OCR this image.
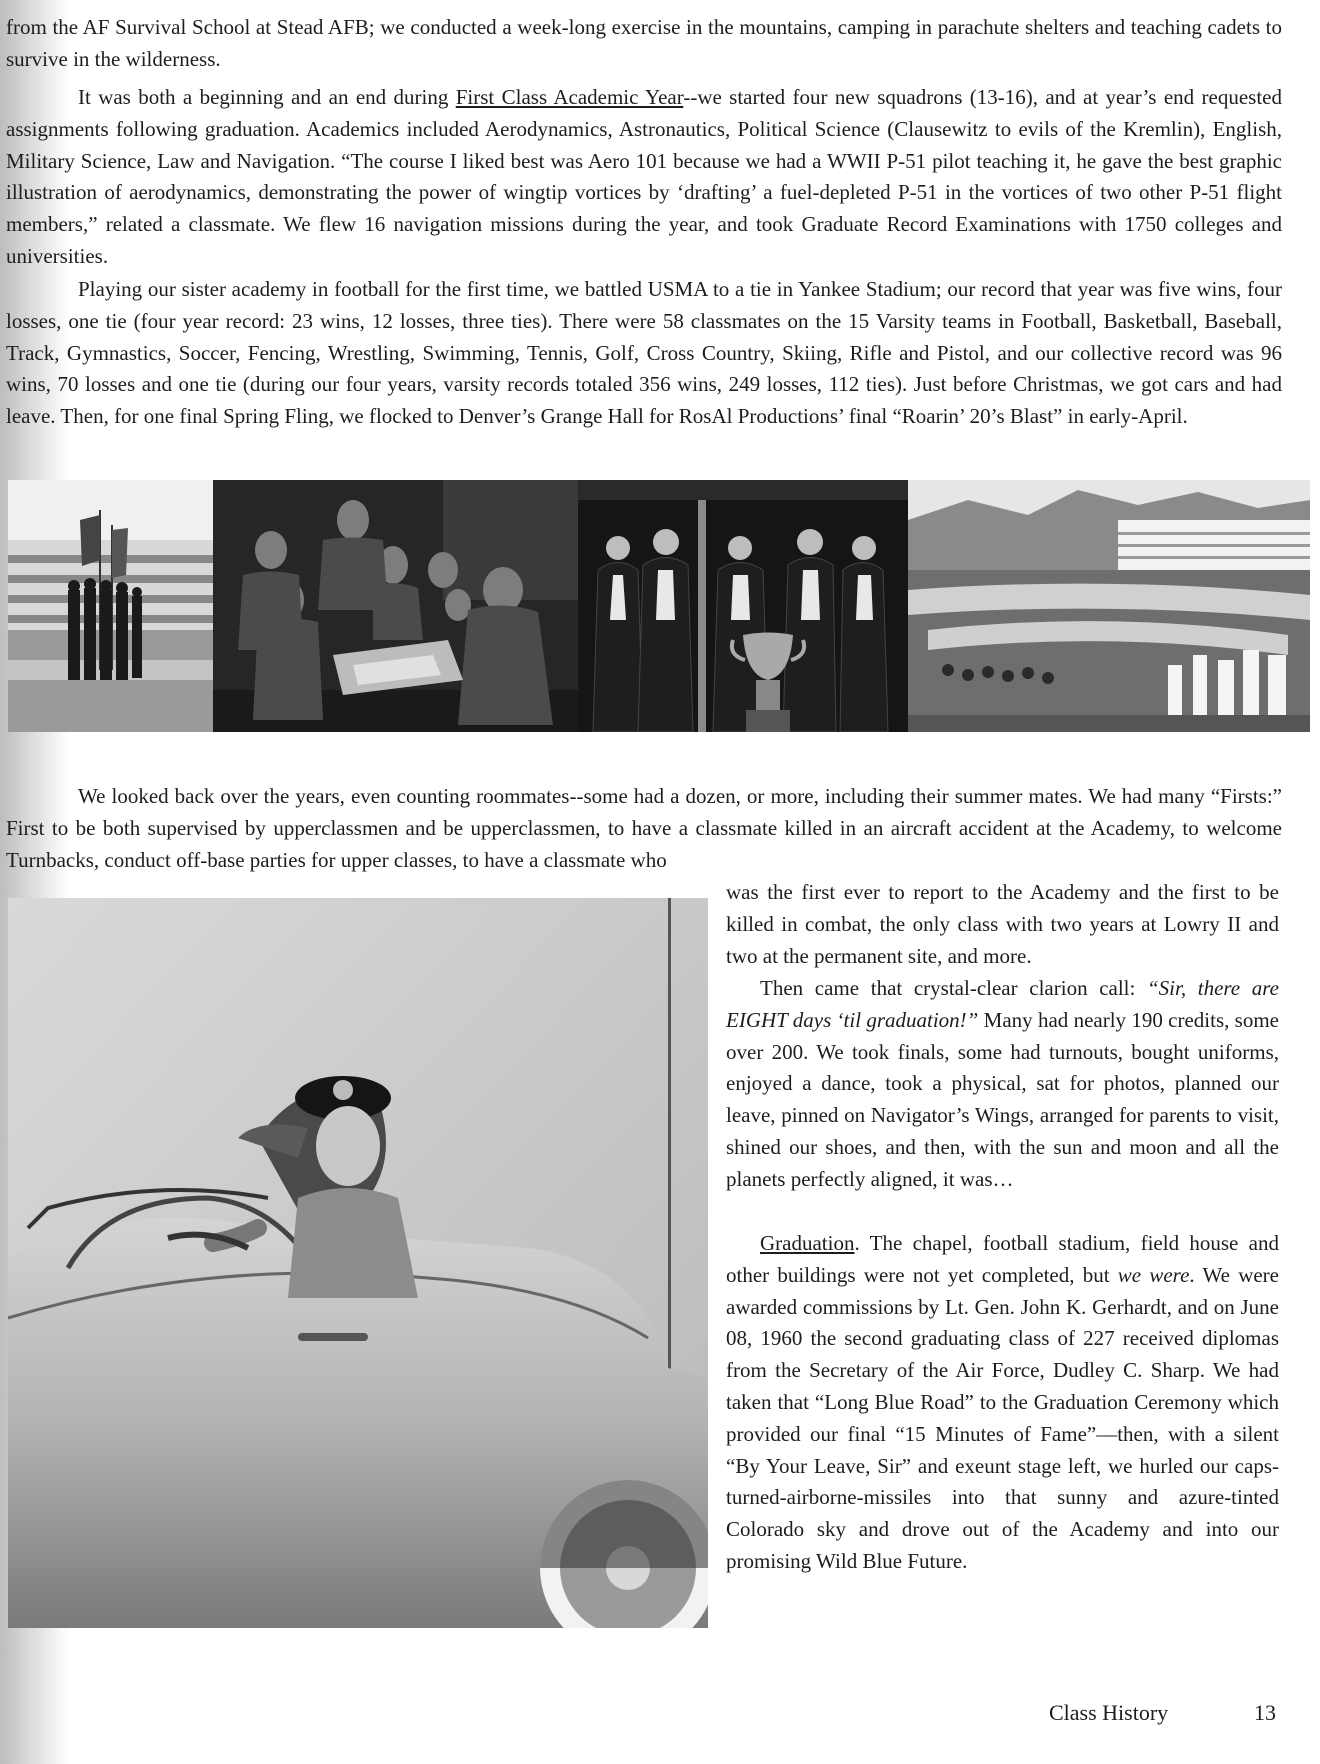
from the AF Survival School at Stead AFB; we conducted a week-long exercise in the mountains, camping in parachute shelters and teaching cadets to survive in the wilderness.

It was both a beginning and an end during First Class Academic Year--we started four new squadrons (13-16), and at year’s end requested assignments following graduation. Academics included Aerodynamics, Astronautics, Political Science (Clausewitz to evils of the Kremlin), English, Military Science, Law and Navigation. “The course I liked best was Aero 101 because we had a WWII P-51 pilot teaching it, he gave the best graphic illustration of aerodynamics, demonstrating the power of wingtip vortices by ‘drafting’ a fuel-depleted P-51 in the vortices of two other P-51 flight members,” related a classmate. We flew 16 navigation missions during the year, and took Graduate Record Examinations with 1750 colleges and universities.

Playing our sister academy in football for the first time, we battled USMA to a tie in Yankee Stadium; our record that year was five wins, four losses, one tie (four year record: 23 wins, 12 losses, three ties). There were 58 classmates on the 15 Varsity teams in Football, Basketball, Baseball, Track, Gymnastics, Soccer, Fencing, Wrestling, Swimming, Tennis, Golf, Cross Country, Skiing, Rifle and Pistol, and our collective record was 96 wins, 70 losses and one tie (during our four years, varsity records totaled 356 wins, 249 losses, 112 ties). Just before Christmas, we got cars and had leave. Then, for one final Spring Fling, we flocked to Denver’s Grange Hall for RosAl Productions’ final “Roarin’ 20’s Blast” in early-April.

We looked back over the years, even counting roommates--some had a dozen, or more, including their summer mates. We had many “Firsts:” First to be both supervised by upperclassmen and be upperclassmen, to have a classmate killed in an aircraft accident at the Academy, to welcome Turnbacks, conduct off-base parties for upper classes, to have a classmate who

was the first ever to report to the Academy and the first to be killed in combat, the only class with two years at Lowry II and two at the permanent site, and more.

Then came that crystal-clear clarion call: “Sir, there are EIGHT days ‘til graduation!” Many had nearly 190 credits, some over 200. We took finals, some had turnouts, bought uniforms, enjoyed a dance, took a physical, sat for photos, planned our leave, pinned on Navigator’s Wings, arranged for parents to visit, shined our shoes, and then, with the sun and moon and all the planets perfectly aligned, it was…

Graduation. The chapel, football stadium, field house and other buildings were not yet completed, but we were. We were awarded commissions by Lt. Gen. John K. Gerhardt, and on June 08, 1960 the second graduating class of 227 received diplomas from the Secretary of the Air Force, Dudley C. Sharp. We had taken that “Long Blue Road” to the Graduation Ceremony which provided our final “15 Minutes of Fame”—then, with a silent “By Your Leave, Sir” and exeunt stage left, we hurled our caps-turned-airborne-missiles into that sunny and azure-tinted Colorado sky and drove out of the Academy and into our promising Wild Blue Future.

Class History	13
